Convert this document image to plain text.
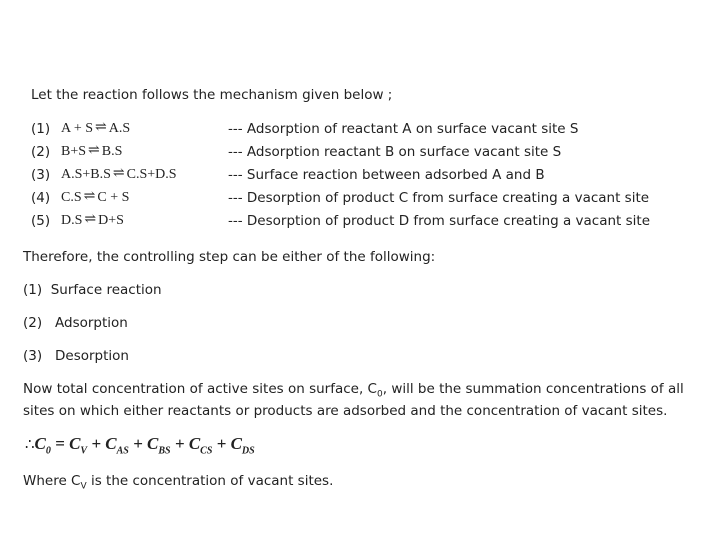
Let the reaction follows the mechanism given below ;
(1) A + S ⇌ A.S	--- Adsorption of reactant A on surface vacant site S
(2) B+S ⇌ B.S	--- Adsorption reactant B on surface vacant site S
(3) A.S+B.S ⇌ C.S+D.S	--- Surface reaction between adsorbed A and B
(4) C.S ⇌ C + S	--- Desorption of product C from surface creating a vacant site
(5) D.S ⇌ D+S	--- Desorption of product D from surface creating a vacant site
Therefore, the controlling step can be either of the following:
(1) Surface reaction
(2) Adsorption
(3) Desorption
Now total concentration of active sites on surface, $C_0$, will be the summation concentrations of all
sites on which either reactants or products are adsorbed and the concentration of vacant sites.
$\therefore C_0 = C_V + C_{AS} + C_{BS} + C_{CS} + C_{DS}$
Where $C_V$ is the concentration of vacant sites.
